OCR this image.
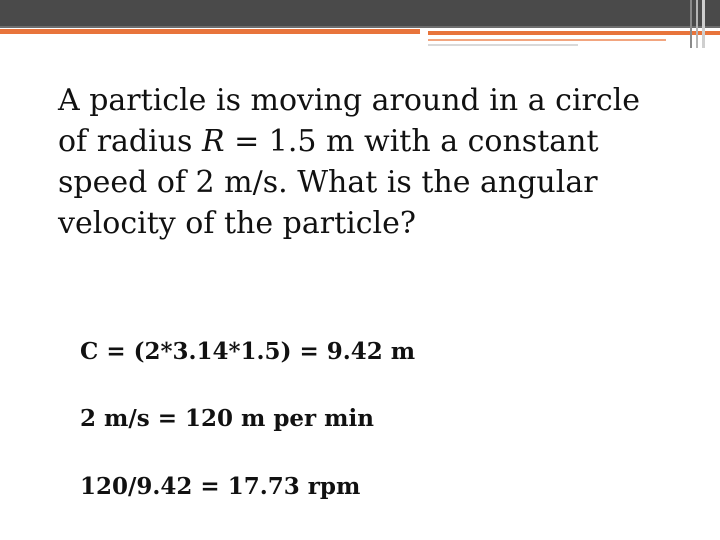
A particle is moving around in a circle
of radius R = 1.5 m with a constant
speed of 2 m/s. What is the angular
velocity of the particle?

C = (2*3.14*1.5) = 9.42 m

2 m/s = 120 m per min

120/9.42 = 17.73 rpm
